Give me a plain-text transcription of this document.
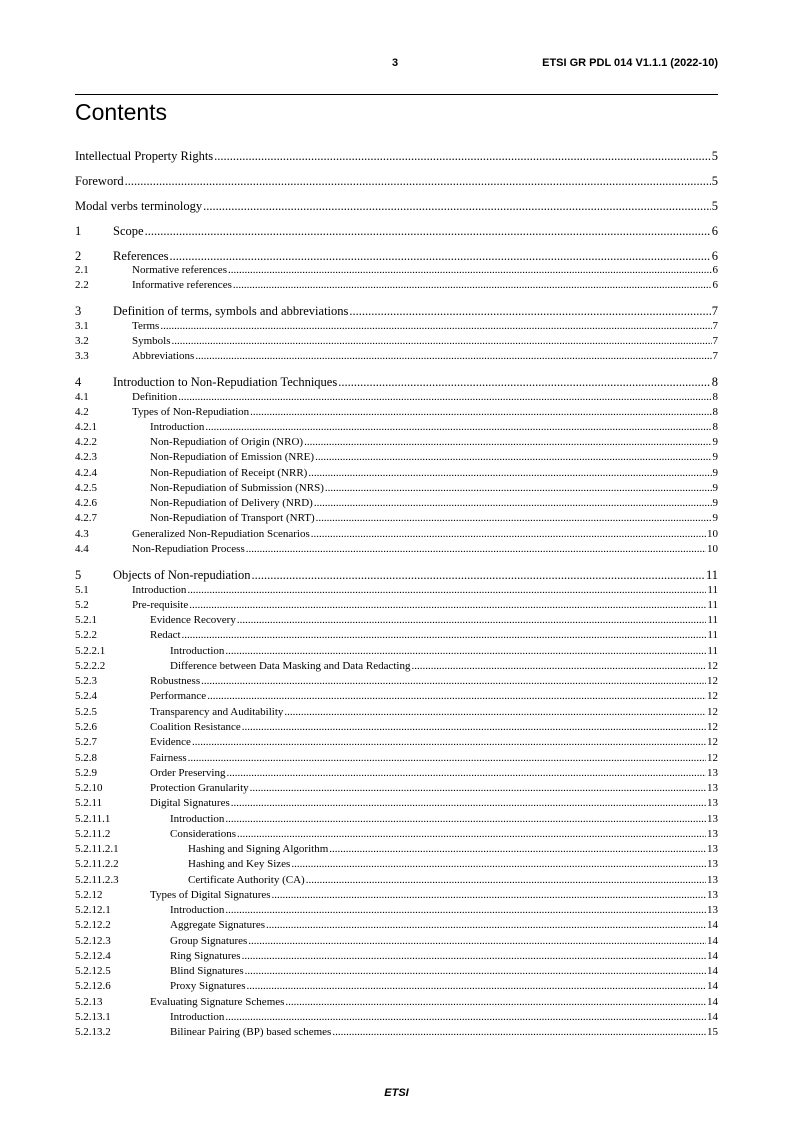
3	ETSI GR PDL 014 V1.1.1 (2022-10)
Contents
Intellectual Property Rights .....	5
Foreword .....	5
Modal verbs terminology .....	5
1	Scope .....	6
2	References .....	6
2.1	Normative references .....	6
2.2	Informative references .....	6
3	Definition of terms, symbols and abbreviations .....	7
3.1	Terms .....	7
3.2	Symbols .....	7
3.3	Abbreviations .....	7
4	Introduction to Non-Repudiation Techniques .....	8
4.1	Definition .....	8
4.2	Types of Non-Repudiation .....	8
4.2.1	Introduction .....	8
4.2.2	Non-Repudiation of Origin (NRO) .....	9
4.2.3	Non-Repudiation of Emission (NRE) .....	9
4.2.4	Non-Repudiation of Receipt (NRR) .....	9
4.2.5	Non-Repudiation of Submission (NRS) .....	9
4.2.6	Non-Repudiation of Delivery (NRD) .....	9
4.2.7	Non-Repudiation of Transport (NRT) .....	9
4.3	Generalized Non-Repudiation Scenarios .....	10
4.4	Non-Repudiation Process .....	10
5	Objects of Non-repudiation .....	11
5.1	Introduction .....	11
5.2	Pre-requisite .....	11
5.2.1	Evidence Recovery .....	11
5.2.2	Redact .....	11
5.2.2.1	Introduction .....	11
5.2.2.2	Difference between Data Masking and Data Redacting .....	12
5.2.3	Robustness .....	12
5.2.4	Performance .....	12
5.2.5	Transparency and Auditability .....	12
5.2.6	Coalition Resistance .....	12
5.2.7	Evidence .....	12
5.2.8	Fairness .....	12
5.2.9	Order Preserving .....	13
5.2.10	Protection Granularity .....	13
5.2.11	Digital Signatures .....	13
5.2.11.1	Introduction .....	13
5.2.11.2	Considerations .....	13
5.2.11.2.1	Hashing and Signing Algorithm .....	13
5.2.11.2.2	Hashing and Key Sizes .....	13
5.2.11.2.3	Certificate Authority (CA) .....	13
5.2.12	Types of Digital Signatures .....	13
5.2.12.1	Introduction .....	13
5.2.12.2	Aggregate Signatures .....	14
5.2.12.3	Group Signatures .....	14
5.2.12.4	Ring Signatures .....	14
5.2.12.5	Blind Signatures .....	14
5.2.12.6	Proxy Signatures .....	14
5.2.13	Evaluating Signature Schemes .....	14
5.2.13.1	Introduction .....	14
5.2.13.2	Bilinear Pairing (BP) based schemes .....	15
ETSI
